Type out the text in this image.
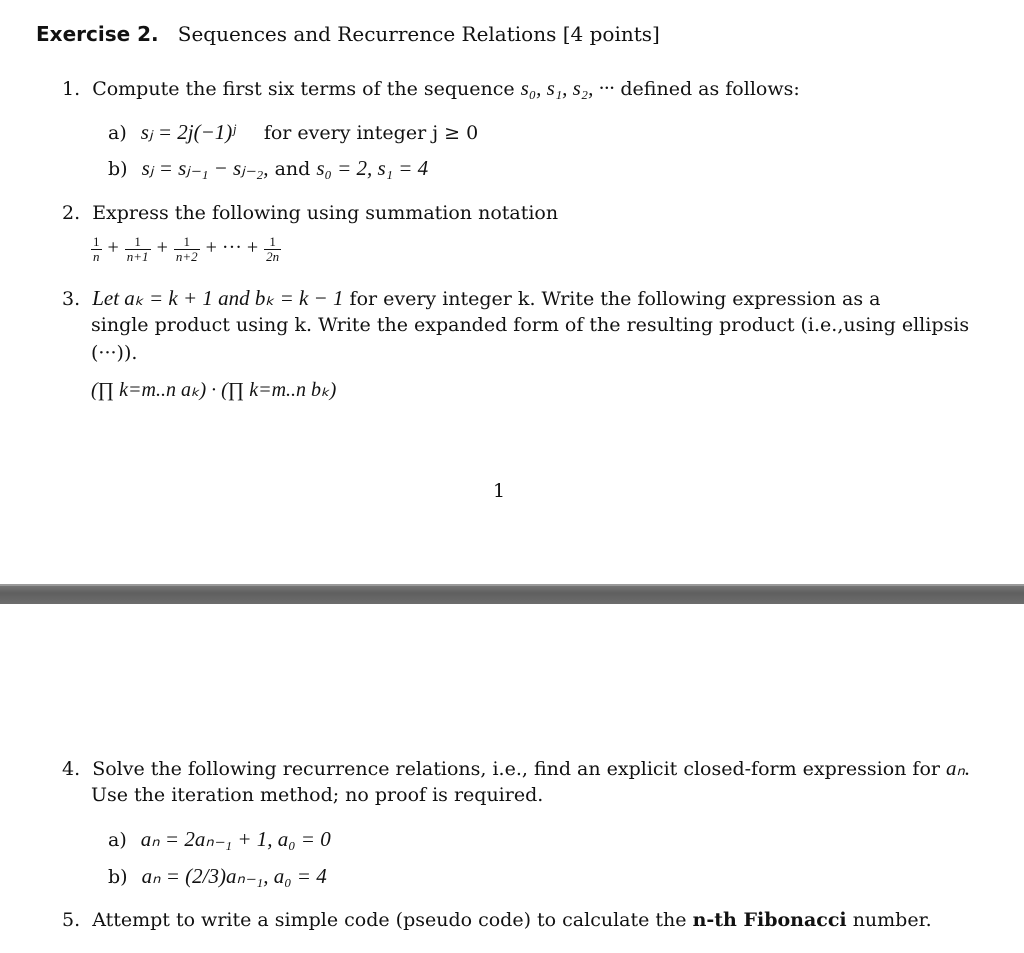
Exercise 2. Sequences and Recurrence Relations [4 points]
1. Compute the first six terms of the sequence s₀, s₁, s₂, ··· defined as follows:
a) sⱼ = 2j(−1)ʲ for every integer j ≥ 0
b) sⱼ = sⱼ₋₁ − sⱼ₋₂, and s₀ = 2, s₁ = 4
2. Express the following using summation notation
$\frac{1}{n} + \frac{1}{n+1} + \frac{1}{n+2}$ + ··· + $\frac{1}{2n}$
3. Let aₖ = k + 1 and bₖ = k − 1 for every integer k. Write the following expression as a
single product using k. Write the expanded form of the resulting product (i.e.,using ellipsis
(···)).
(∏ k=m..n aₖ) · (∏ k=m..n bₖ)
1
4. Solve the following recurrence relations, i.e., find an explicit closed-form expression for aₙ.
Use the iteration method; no proof is required.
a) aₙ = 2aₙ₋₁ + 1, a₀ = 0
b) aₙ = (2/3)aₙ₋₁, a₀ = 4
5. Attempt to write a simple code (pseudo code) to calculate the n-th Fibonacci number.
